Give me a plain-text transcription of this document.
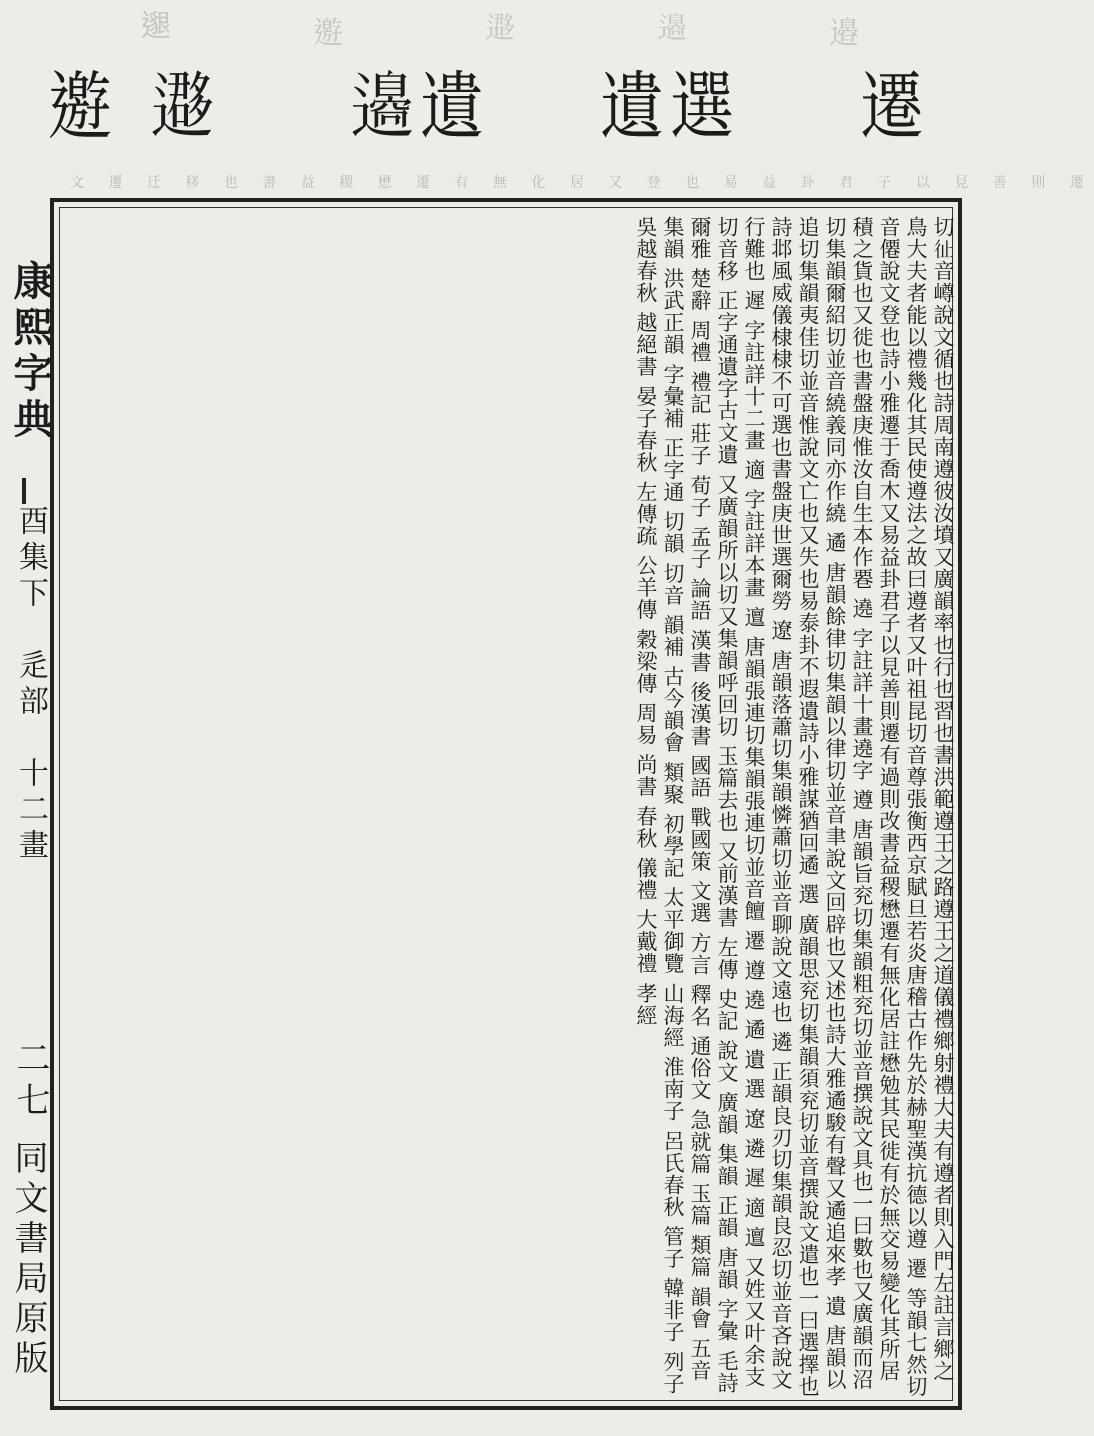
𨗿	𨘋	𨘂	𨘢	邉
𨘋 𨘂 𨘢 遺 遺 選 遷
文 遷 迁 移 也 書 益 稷 懋 遷 有 無 化 居 又 登 也 易 益 卦 君 子 以 見 善 則 遷
康熙字典
酉集下　辵部　十二畫
二七
同文書局原版	切𢓊音嶟說文循也詩周南遵彼汝墳又廣韻率也行也習也書洪範遵王之路遵王之道儀禮鄉射禮大夫有遵者則入門左註言鄉之鳥大夫者能以禮幾化其民使遵法之故曰遵者又叶祖昆切音尊張衡西京賦旦若炎唐稽古作先於赫聖漢抗德以遵 遷 等韻七然切音僊說文登也詩小雅遷于喬木又易益卦君子以見善則遷有過則改書益稷懋遷有無化居註懋勉其民徙有於無交易變化其所居積之貨也又徙也書盤庚惟汝自生本作䙴 遶 字註詳十畫遶字 遵 唐韻旨兖切集韻粗兖切並音撰說文具也一曰數也又廣韻而沼切集韻爾紹切並音繞義同亦作繞 遹 唐韻餘律切集韻以律切並音聿說文回辟也又述也詩大雅遹駿有聲又遹追來孝 遺 唐韻以追切集韻夷佳切並音惟說文亡也又失也易泰卦不遐遺詩小雅謀猶回遹 選 廣韻思兖切集韻須兖切並音撰說文遣也一曰選擇也詩邶風威儀棣棣不可選也書盤庚世選爾勞 遼 唐韻落蕭切集韻憐蕭切並音聊說文遠也 遴 正韻良刃切集韻良忍切並音吝說文行難也 遲 字註詳十二畫 適 字註詳本畫 邅 唐韻張連切集韻張連切並音饘 遷 遵 遶 遹 遺 選 遼 遴 遲 適 邅 又姓又叶余支切音移 正字通遺字古文遺 又廣韻所以切又集韻呼回切 玉篇去也 又前漢書 左傳 史記 說文 廣韻 集韻 正韻 唐韻 字彙 毛詩 爾雅 楚辭 周禮 禮記 莊子 荀子 孟子 論語 漢書 後漢書 國語 戰國策 文選 方言 釋名 通俗文 急就篇 玉篇 類篇 韻會 五音集韻 洪武正韻 字彙補 正字通 切韻 切音 韻補 古今韻會 類聚 初學記 太平御覽 山海經 淮南子 呂氏春秋 管子 韓非子 列子 吳越春秋 越絕書 晏子春秋 左傳疏 公羊傳 穀梁傳 周易 尚書 春秋 儀禮 大戴禮 孝經
